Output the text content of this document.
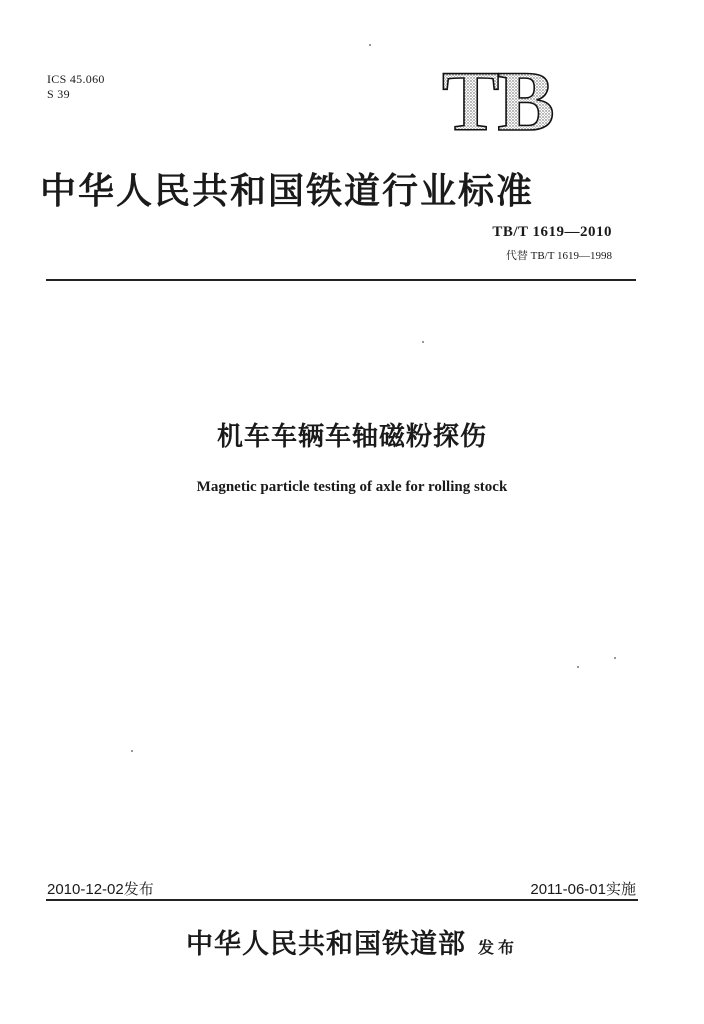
ICS 45.060
S 39	TB
中华人民共和国铁道行业标准
TB/T 1619—2010
代替 TB/T 1619—1998
机车车辆车轴磁粉探伤
Magnetic particle testing of axle for rolling stock
2010-12-02发布	2011-06-01实施
中华人民共和国铁道部 发布
